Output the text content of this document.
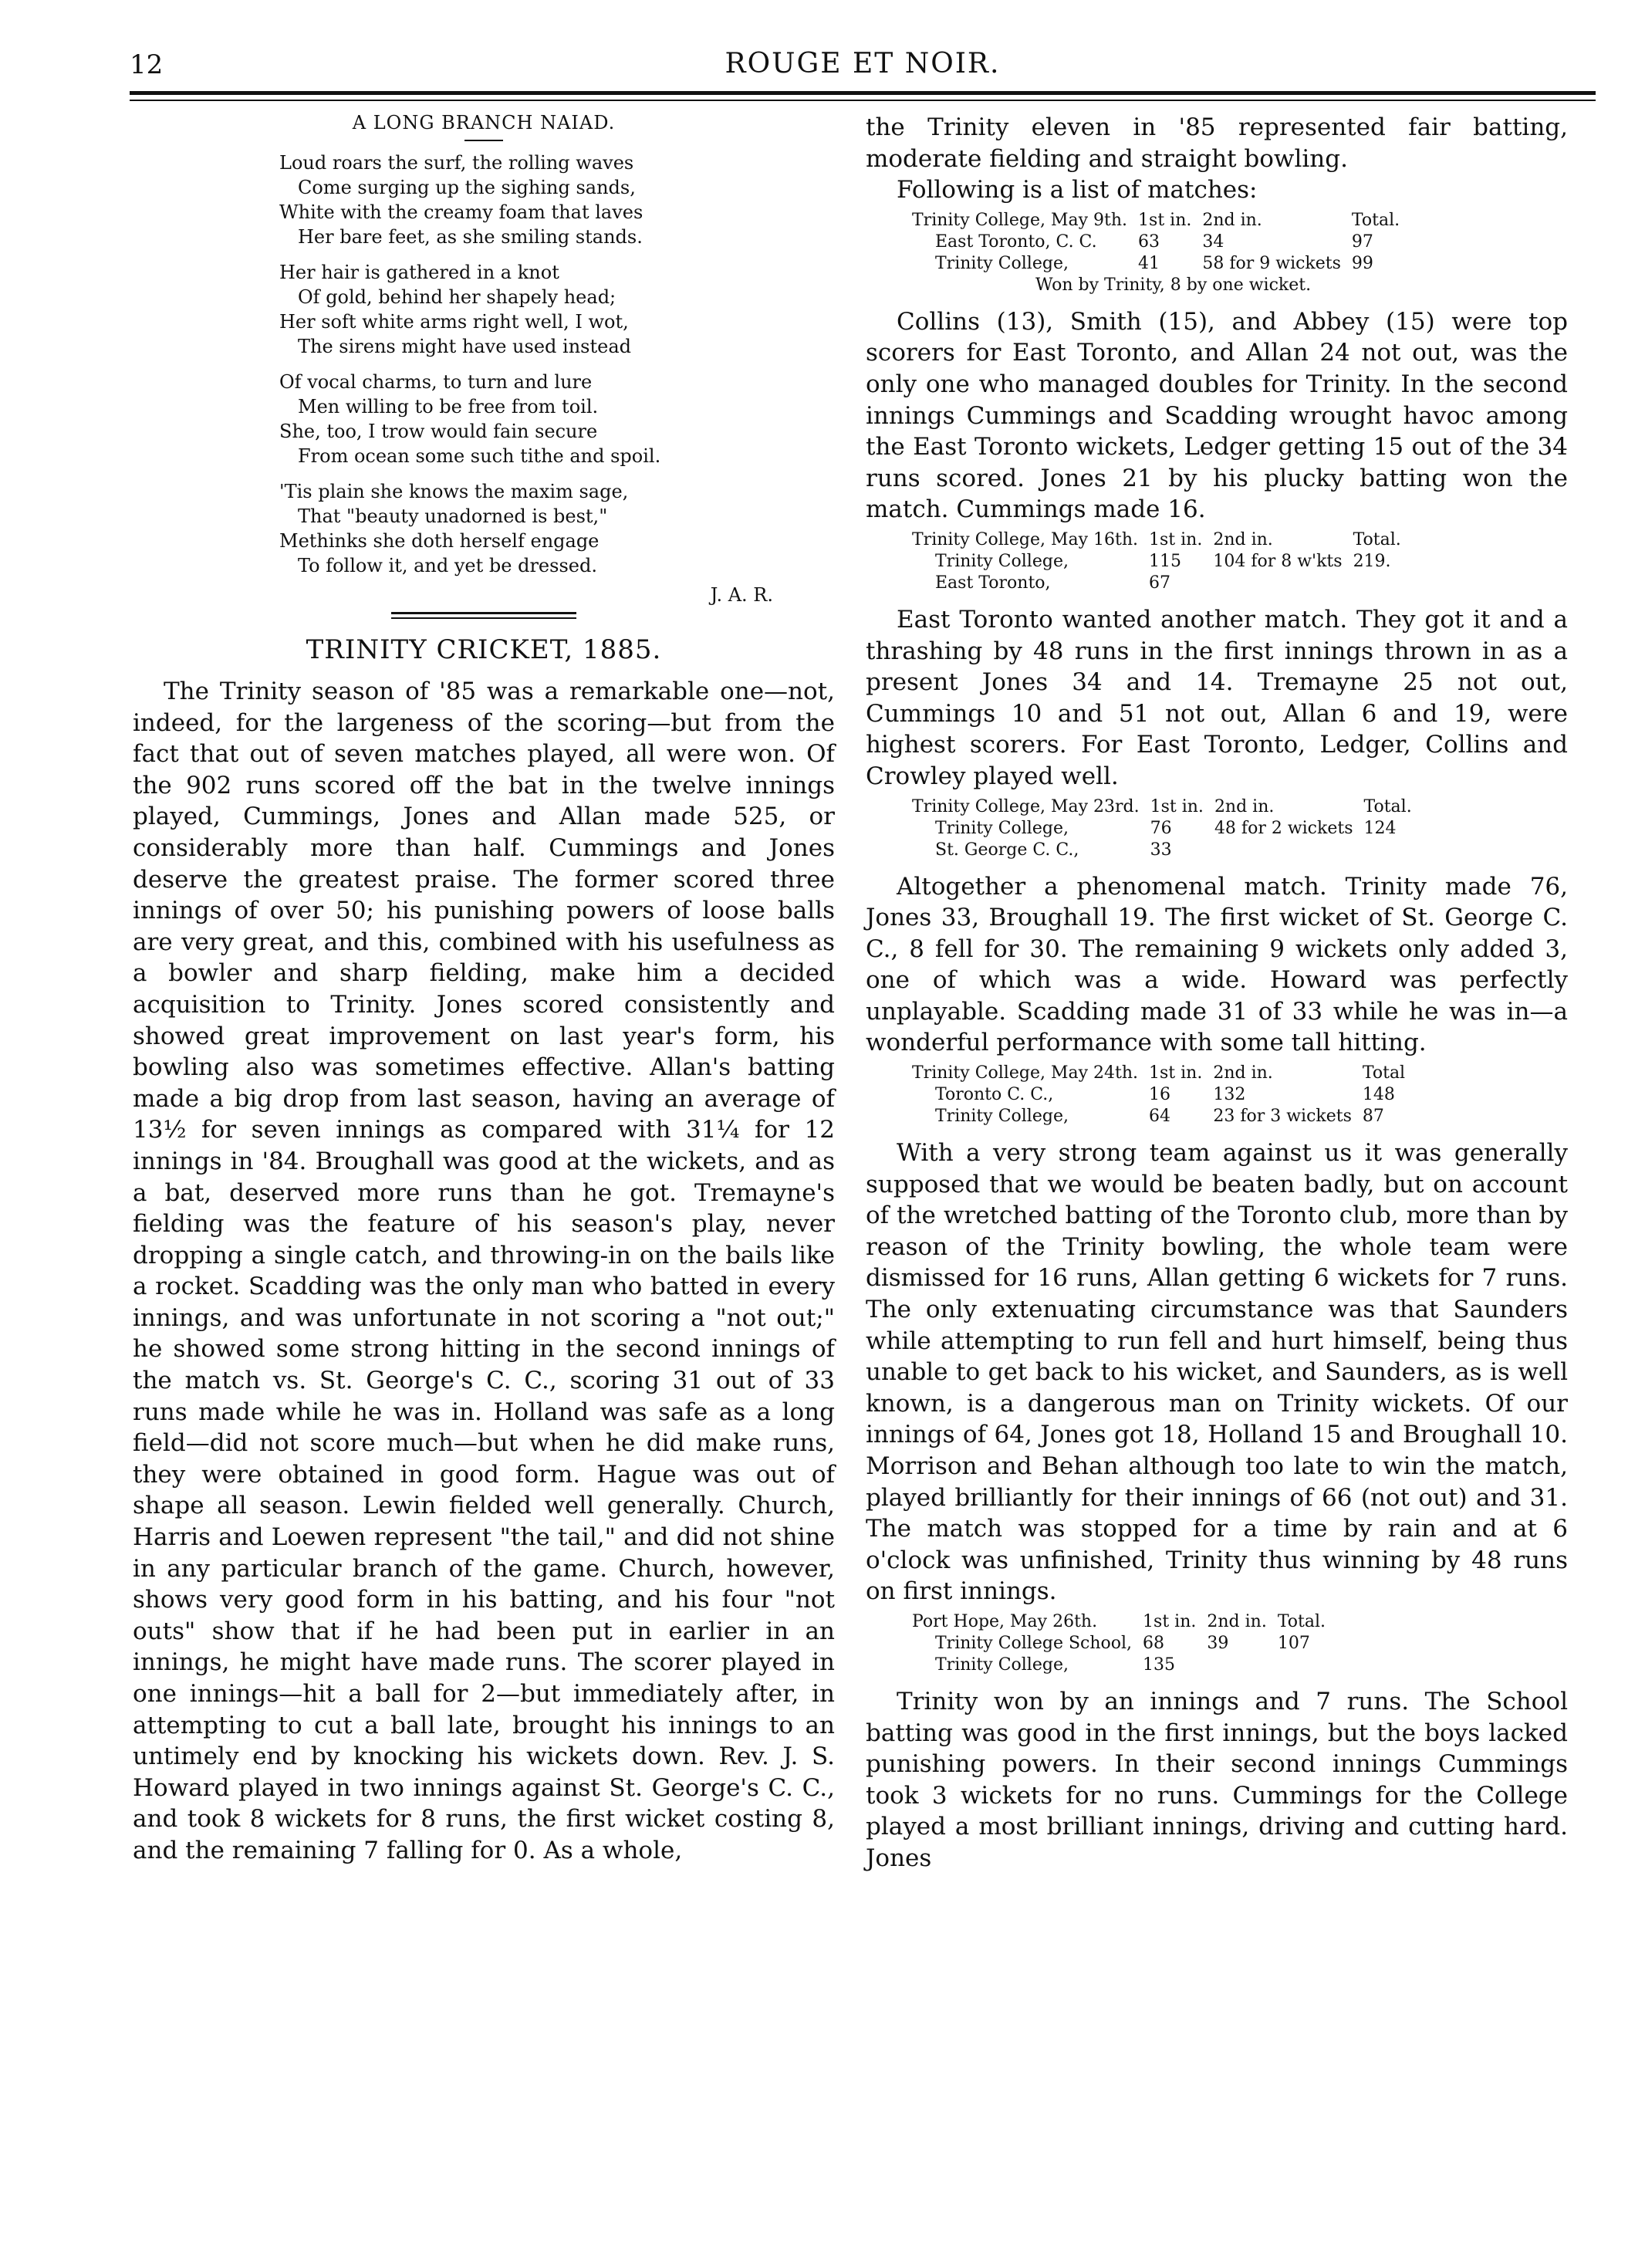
12	ROUGE ET NOIR.
A LONG BRANCH NAIAD.
Loud roars the surf, the rolling waves
Come surging up the sighing sands,
White with the creamy foam that laves
Her bare feet, as she smiling stands.
Her hair is gathered in a knot
Of gold, behind her shapely head;
Her soft white arms right well, I wot,
The sirens might have used instead
Of vocal charms, to turn and lure
Men willing to be free from toil.
She, too, I trow would fain secure
From ocean some such tithe and spoil.
'Tis plain she knows the maxim sage,
That "beauty unadorned is best,"
Methinks she doth herself engage
To follow it, and yet be dressed.
J. A. R.
TRINITY CRICKET, 1885.

The Trinity season of '85 was a remarkable one—not, indeed, for the largeness of the scoring—but from the fact that out of seven matches played, all were won. Of the 902 runs scored off the bat in the twelve innings played, Cummings, Jones and Allan made 525, or considerably more than half. Cummings and Jones deserve the greatest praise. The former scored three innings of over 50; his punishing powers of loose balls are very great, and this, combined with his usefulness as a bowler and sharp fielding, make him a decided acquisition to Trinity. Jones scored consistently and showed great improvement on last year's form, his bowling also was sometimes effective. Allan's batting made a big drop from last season, having an average of 13½ for seven innings as compared with 31¼ for 12 innings in '84. Broughall was good at the wickets, and as a bat, deserved more runs than he got. Tremayne's fielding was the feature of his season's play, never dropping a single catch, and throwing-in on the bails like a rocket. Scadding was the only man who batted in every innings, and was unfortunate in not scoring a "not out;" he showed some strong hitting in the second innings of the match vs. St. George's C. C., scoring 31 out of 33 runs made while he was in. Holland was safe as a long field—did not score much—but when he did make runs, they were obtained in good form. Hague was out of shape all season. Lewin fielded well generally. Church, Harris and Loewen represent "the tail," and did not shine in any particular branch of the game. Church, however, shows very good form in his batting, and his four "not outs" show that if he had been put in earlier in an innings, he might have made runs. The scorer played in one innings—hit a ball for 2—but immediately after, in attempting to cut a ball late, brought his innings to an untimely end by knocking his wickets down. Rev. J. S. Howard played in two innings against St. George's C. C., and took 8 wickets for 8 runs, the first wicket costing 8, and the remaining 7 falling for 0. As a whole,

the Trinity eleven in '85 represented fair batting, moderate fielding and straight bowling.

Following is a list of matches:

Trinity College, May 9th.	1st in.	2nd in.	Total.
East Toronto, C. C.	63	34	97
Trinity College,	41	58 for 9 wickets	99
Won by Trinity, 8 by one wicket.			

Collins (13), Smith (15), and Abbey (15) were top scorers for East Toronto, and Allan 24 not out, was the only one who managed doubles for Trinity. In the second innings Cummings and Scadding wrought havoc among the East Toronto wickets, Ledger getting 15 out of the 34 runs scored. Jones 21 by his plucky batting won the match. Cummings made 16.

Trinity College, May 16th.	1st in.	2nd in.	Total.
Trinity College,	115	104 for 8 w'kts	219.
East Toronto,	67		

East Toronto wanted another match. They got it and a thrashing by 48 runs in the first innings thrown in as a present Jones 34 and 14. Tremayne 25 not out, Cummings 10 and 51 not out, Allan 6 and 19, were highest scorers. For East Toronto, Ledger, Collins and Crowley played well.

Trinity College, May 23rd.	1st in.	2nd in.	Total.
Trinity College,	76	48 for 2 wickets	124
St. George C. C.,	33		

Altogether a phenomenal match. Trinity made 76, Jones 33, Broughall 19. The first wicket of St. George C. C., 8 fell for 30. The remaining 9 wickets only added 3, one of which was a wide. Howard was perfectly unplayable. Scadding made 31 of 33 while he was in—a wonderful performance with some tall hitting.

Trinity College, May 24th.	1st in.	2nd in.	Total
Toronto C. C.,	16	132	148
Trinity College,	64	23 for 3 wickets	87

With a very strong team against us it was generally supposed that we would be beaten badly, but on account of the wretched batting of the Toronto club, more than by reason of the Trinity bowling, the whole team were dismissed for 16 runs, Allan getting 6 wickets for 7 runs. The only extenuating circumstance was that Saunders while attempting to run fell and hurt himself, being thus unable to get back to his wicket, and Saunders, as is well known, is a dangerous man on Trinity wickets. Of our innings of 64, Jones got 18, Holland 15 and Broughall 10. Morrison and Behan although too late to win the match, played brilliantly for their innings of 66 (not out) and 31. The match was stopped for a time by rain and at 6 o'clock was unfinished, Trinity thus winning by 48 runs on first innings.

Port Hope, May 26th.	1st in.	2nd in.	Total.
Trinity College School,	68	39	107
Trinity College,	135		

Trinity won by an innings and 7 runs. The School batting was good in the first innings, but the boys lacked punishing powers. In their second innings Cummings took 3 wickets for no runs. Cummings for the College played a most brilliant innings, driving and cutting hard. Jones
